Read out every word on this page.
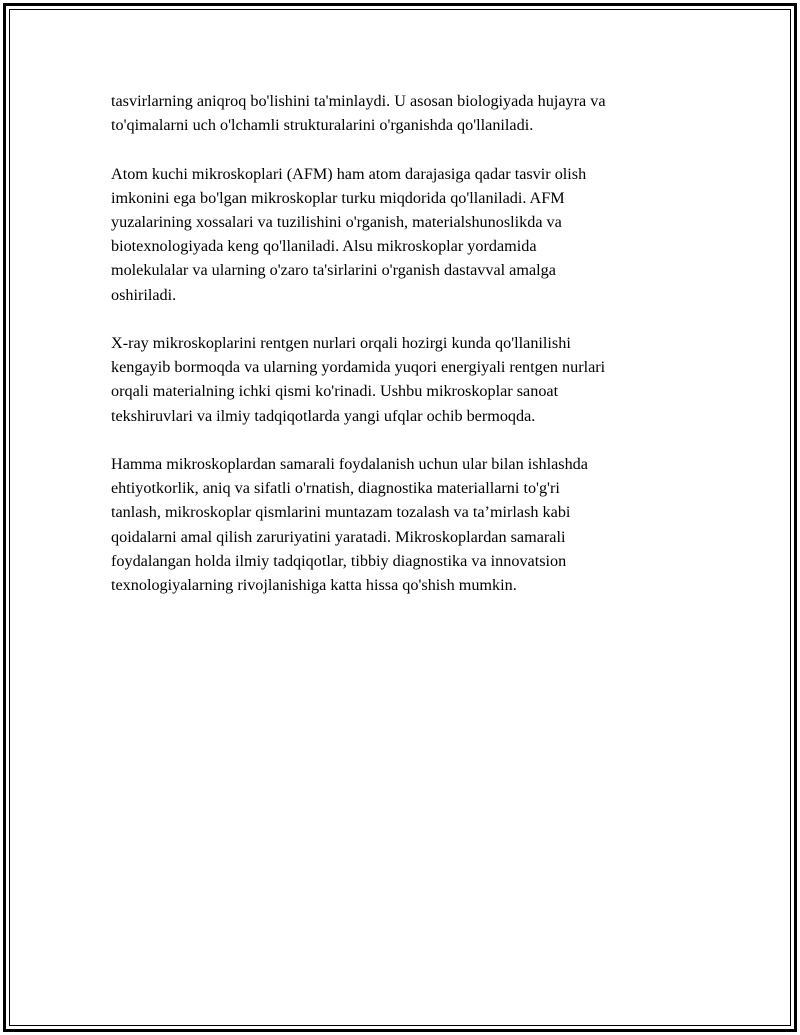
tasvirlarning aniqroq bo'lishini ta'minlaydi. U asosan biologiyada hujayra va
to'qimalarni uch o'lchamli strukturalarini o'rganishda qo'llaniladi.

Atom kuchi mikroskoplari (AFM) ham atom darajasiga qadar tasvir olish
imkonini ega bo'lgan mikroskoplar turku miqdorida qo'llaniladi. AFM
yuzalarining xossalari va tuzilishini o'rganish, materialshunoslikda va
biotexnologiyada keng qo'llaniladi. Alsu mikroskoplar yordamida
molekulalar va ularning o'zaro ta'sirlarini o'rganish dastavval amalga
oshiriladi.

X-ray mikroskoplarini rentgen nurlari orqali hozirgi kunda qo'llanilishi
kengayib bormoqda va ularning yordamida yuqori energiyali rentgen nurlari
orqali materialning ichki qismi ko'rinadi. Ushbu mikroskoplar sanoat
tekshiruvlari va ilmiy tadqiqotlarda yangi ufqlar ochib bermoqda.

Hamma mikroskoplardan samarali foydalanish uchun ular bilan ishlashda
ehtiyotkorlik, aniq va sifatli o'rnatish, diagnostika materiallarni to'g'ri
tanlash, mikroskoplar qismlarini muntazam tozalash va ta’mirlash kabi
qoidalarni amal qilish zaruriyatini yaratadi. Mikroskoplardan samarali
foydalangan holda ilmiy tadqiqotlar, tibbiy diagnostika va innovatsion
texnologiyalarning rivojlanishiga katta hissa qo'shish mumkin.
